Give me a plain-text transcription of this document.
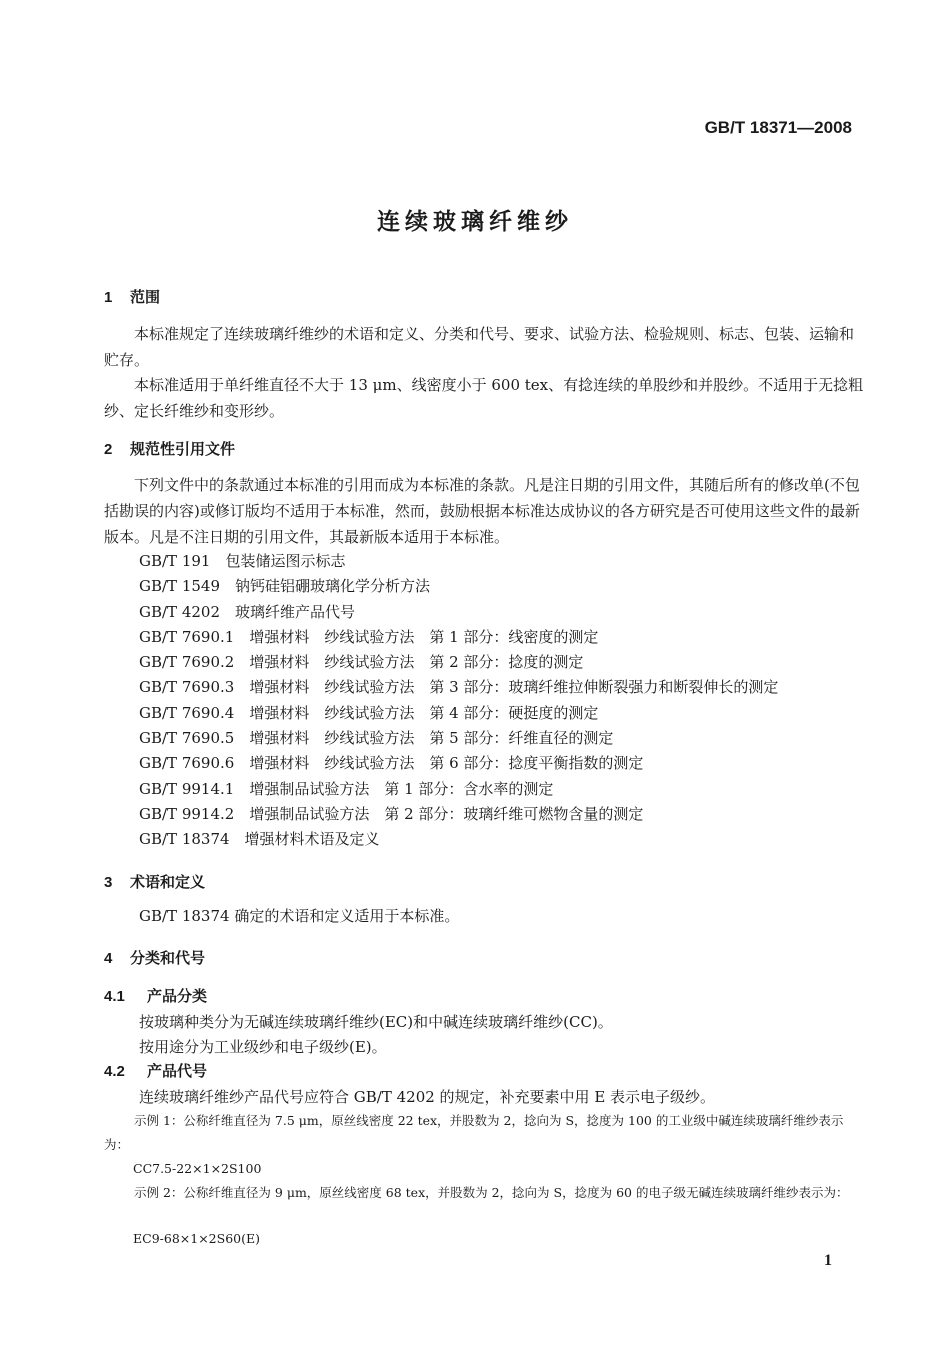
GB/T 18371—2008
连续玻璃纤维纱
1 范围
本标准规定了连续玻璃纤维纱的术语和定义、分类和代号、要求、试验方法、检验规则、标志、包装、运输和贮存。
本标准适用于单纤维直径不大于 13 μm、线密度小于 600 tex、有捻连续的单股纱和并股纱。不适用于无捻粗纱、定长纤维纱和变形纱。
2 规范性引用文件
下列文件中的条款通过本标准的引用而成为本标准的条款。凡是注日期的引用文件，其随后所有的修改单(不包括勘误的内容)或修订版均不适用于本标准，然而，鼓励根据本标准达成协议的各方研究是否可使用这些文件的最新版本。凡是不注日期的引用文件，其最新版本适用于本标准。
GB/T 191　包装储运图示标志
GB/T 1549　钠钙硅铝硼玻璃化学分析方法
GB/T 4202　玻璃纤维产品代号
GB/T 7690.1　增强材料　纱线试验方法　第 1 部分：线密度的测定
GB/T 7690.2　增强材料　纱线试验方法　第 2 部分：捻度的测定
GB/T 7690.3　增强材料　纱线试验方法　第 3 部分：玻璃纤维拉伸断裂强力和断裂伸长的测定
GB/T 7690.4　增强材料　纱线试验方法　第 4 部分：硬挺度的测定
GB/T 7690.5　增强材料　纱线试验方法　第 5 部分：纤维直径的测定
GB/T 7690.6　增强材料　纱线试验方法　第 6 部分：捻度平衡指数的测定
GB/T 9914.1　增强制品试验方法　第 1 部分：含水率的测定
GB/T 9914.2　增强制品试验方法　第 2 部分：玻璃纤维可燃物含量的测定
GB/T 18374　增强材料术语及定义
3 术语和定义
GB/T 18374 确定的术语和定义适用于本标准。
4 分类和代号
4.1 产品分类
按玻璃种类分为无碱连续玻璃纤维纱(EC)和中碱连续玻璃纤维纱(CC)。
按用途分为工业级纱和电子级纱(E)。
4.2 产品代号
连续玻璃纤维纱产品代号应符合 GB/T 4202 的规定，补充要素中用 E 表示电子级纱。
示例 1：公称纤维直径为 7.5 μm，原丝线密度 22 tex，并股数为 2，捻向为 S，捻度为 100 的工业级中碱连续玻璃纤维纱表示为：
CC7.5-22×1×2S100
示例 2：公称纤维直径为 9 μm，原丝线密度 68 tex，并股数为 2，捻向为 S，捻度为 60 的电子级无碱连续玻璃纤维纱表示为：
EC9-68×1×2S60(E)
1
